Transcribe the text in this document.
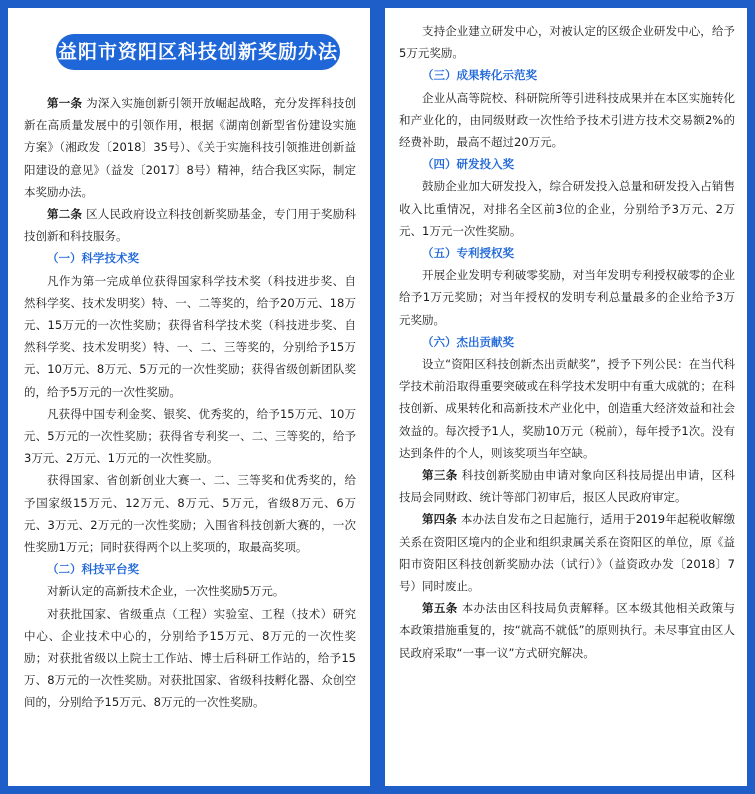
益阳市资阳区科技创新奖励办法

第一条 为深入实施创新引领开放崛起战略，充分发挥科技创新在高质量发展中的引领作用，根据《湖南创新型省份建设实施方案》（湘政发〔2018〕35号）、《关于实施科技引领推进创新益阳建设的意见》（益发〔2017〕8号）精神，结合我区实际，制定本奖励办法。

第二条 区人民政府设立科技创新奖励基金，专门用于奖励科技创新和科技服务。

（一）科学技术奖

凡作为第一完成单位获得国家科学技术奖（科技进步奖、自然科学奖、技术发明奖）特、一、二等奖的，给予20万元、18万元、15万元的一次性奖励；获得省科学技术奖（科技进步奖、自然科学奖、技术发明奖）特、一、二、三等奖的，分别给予15万元、10万元、8万元、5万元的一次性奖励；获得省级创新团队奖的，给予5万元的一次性奖励。

凡获得中国专利金奖、银奖、优秀奖的，给予15万元、10万元、5万元的一次性奖励；获得省专利奖一、二、三等奖的，给予3万元、2万元、1万元的一次性奖励。

获得国家、省创新创业大赛一、二、三等奖和优秀奖的，给予国家级15万元、12万元、8万元、5万元，省级8万元、6万元、3万元、2万元的一次性奖励；入围省科技创新大赛的，一次性奖励1万元；同时获得两个以上奖项的，取最高奖项。

（二）科技平台奖

对新认定的高新技术企业，一次性奖励5万元。

对获批国家、省级重点（工程）实验室、工程（技术）研究中心、企业技术中心的，分别给予15万元、8万元的一次性奖励；对获批省级以上院士工作站、博士后科研工作站的，给予15万、8万元的一次性奖励。对获批国家、省级科技孵化器、众创空间的，分别给予15万元、8万元的一次性奖励。

支持企业建立研发中心，对被认定的区级企业研发中心，给予5万元奖励。

（三）成果转化示范奖

企业从高等院校、科研院所等引进科技成果并在本区实施转化和产业化的，由同级财政一次性给予技术引进方技术交易额2%的经费补助，最高不超过20万元。

（四）研发投入奖

鼓励企业加大研发投入，综合研发投入总量和研发投入占销售收入比重情况，对排名全区前3位的企业，分别给予3万元、2万元、1万元一次性奖励。

（五）专利授权奖

开展企业发明专利破零奖励，对当年发明专利授权破零的企业给予1万元奖励；对当年授权的发明专利总量最多的企业给予3万元奖励。

（六）杰出贡献奖

设立“资阳区科技创新杰出贡献奖”，授予下列公民：在当代科学技术前沿取得重要突破或在科学技术发明中有重大成就的；在科技创新、成果转化和高新技术产业化中，创造重大经济效益和社会效益的。每次授予1人，奖励10万元（税前），每年授予1次。没有达到条件的个人，则该奖项当年空缺。

第三条 科技创新奖励由申请对象向区科技局提出申请，区科技局会同财政、统计等部门初审后，报区人民政府审定。

第四条 本办法自发布之日起施行，适用于2019年起税收解缴关系在资阳区境内的企业和组织隶属关系在资阳区的单位，原《益阳市资阳区科技创新奖励办法（试行）》（益资政办发〔2018〕7号）同时废止。

第五条 本办法由区科技局负责解释。区本级其他相关政策与本政策措施重复的，按“就高不就低”的原则执行。未尽事宜由区人民政府采取“一事一议”方式研究解决。
